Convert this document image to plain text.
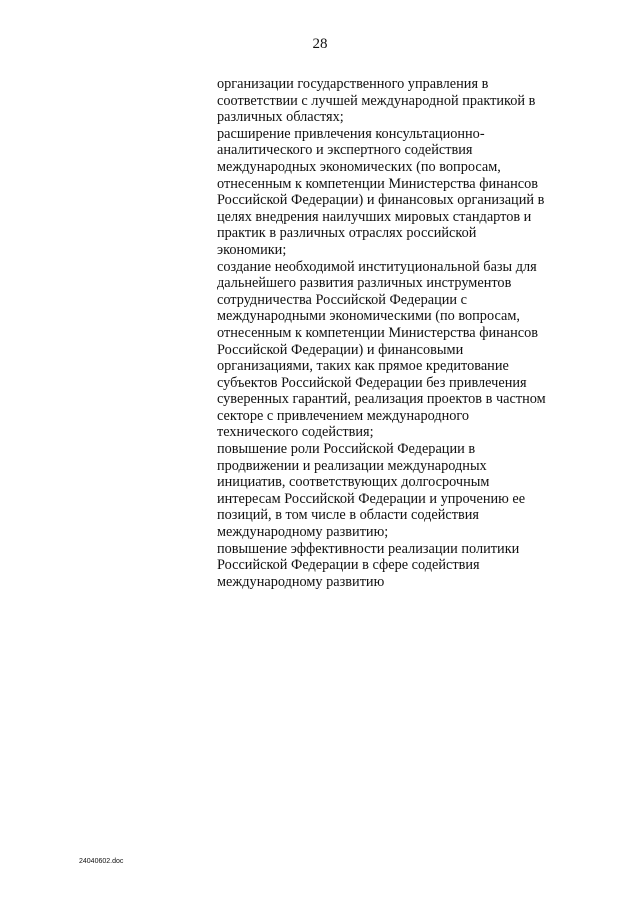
28
организации государственного управления в
соответствии с лучшей международной практикой в
различных областях;
расширение привлечения консультационно-
аналитического и экспертного содействия
международных экономических (по вопросам,
отнесенным к компетенции Министерства финансов
Российской Федерации) и финансовых организаций в
целях внедрения наилучших мировых стандартов и
практик в различных отраслях российской
экономики;
создание необходимой институциональной базы для
дальнейшего развития различных инструментов
сотрудничества Российской Федерации с
международными экономическими (по вопросам,
отнесенным к компетенции Министерства финансов
Российской Федерации) и финансовыми
организациями, таких как прямое кредитование
субъектов Российской Федерации без привлечения
суверенных гарантий, реализация проектов в частном
секторе с привлечением международного
технического содействия;
повышение роли Российской Федерации в
продвижении и реализации международных
инициатив, соответствующих долгосрочным
интересам Российской Федерации и упрочению ее
позиций, в том числе в области содействия
международному развитию;
повышение эффективности реализации политики
Российской Федерации в сфере содействия
международному развитию
24040602.doc
